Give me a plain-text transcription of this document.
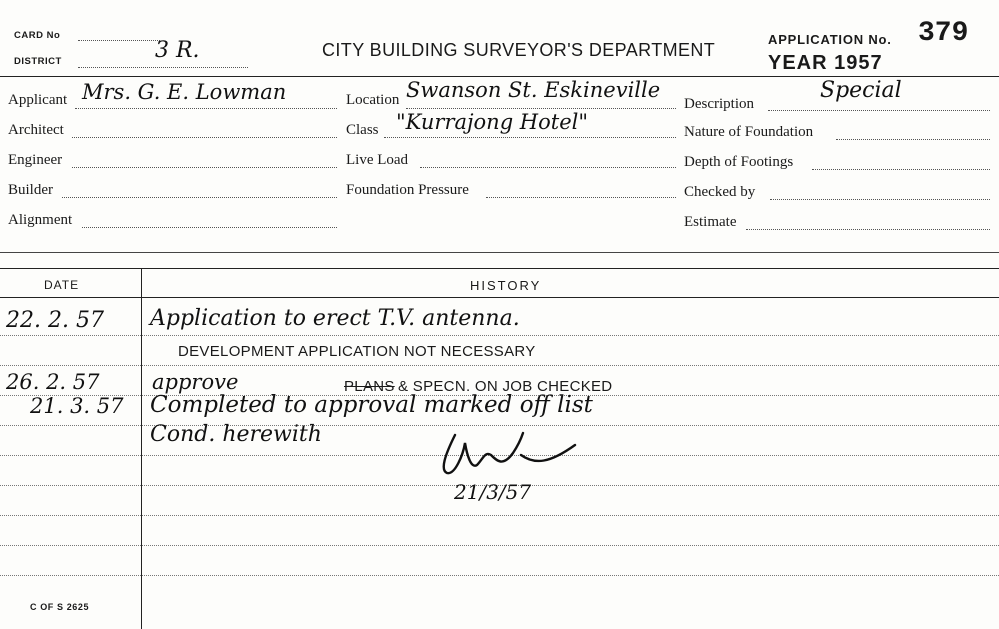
CARD No
DISTRICT	3 R.	CITY BUILDING SURVEYOR'S DEPARTMENT
APPLICATION No. 379
YEAR 1957
Applicant Mrs. G. E. Lowman
Architect
Engineer
Builder
Alignment
Location Swanson St. Eskineville
Class "Kurrajong Hotel"
Live Load
Foundation Pressure
Description
Special
Nature of Foundation
Depth of Footings
Checked by
Estimate
DATE	HISTORY
22. 2. 57 Application to erect T.V. antenna.
DEVELOPMENT APPLICATION NOT NECESSARY
26. 2. 57 approve	PLANS & SPECN. ON JOB CHECKED
21. 3. 57 Completed to approval marked off list
Cond. herewith
21/3/57
C OF S 2625
